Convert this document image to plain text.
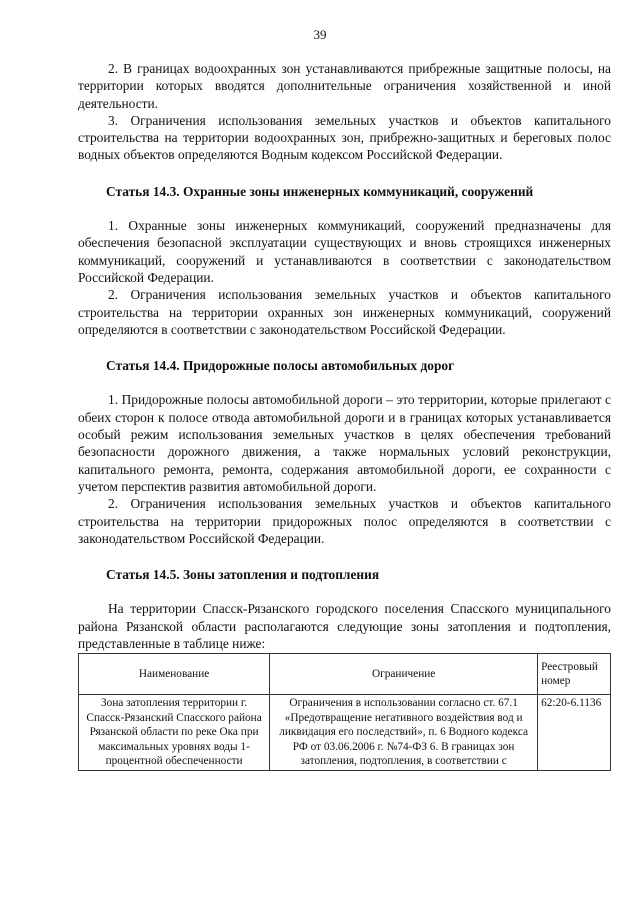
39

2. В границах водоохранных зон устанавливаются прибрежные защитные полосы, на территории которых вводятся дополнительные ограничения хозяйственной и иной деятельности.

3. Ограничения использования земельных участков и объектов капитального строительства на территории водоохранных зон, прибрежно-защитных и береговых полос водных объектов определяются Водным кодексом Российской Федерации.

Статья 14.3. Охранные зоны инженерных коммуникаций, сооружений

1. Охранные зоны инженерных коммуникаций, сооружений предназначены для обеспечения безопасной эксплуатации существующих и вновь строящихся инженерных коммуникаций, сооружений и устанавливаются в соответствии с законодательством Российской Федерации.

2. Ограничения использования земельных участков и объектов капитального строительства на территории охранных зон инженерных коммуникаций, сооружений определяются в соответствии с законодательством Российской Федерации.

Статья 14.4. Придорожные полосы автомобильных дорог

1. Придорожные полосы автомобильной дороги – это территории, которые прилегают с обеих сторон к полосе отвода автомобильной дороги и в границах которых устанавливается особый режим использования земельных участков в целях обеспечения требований безопасности дорожного движения, а также нормальных условий реконструкции, капитального ремонта, ремонта, содержания автомобильной дороги, ее сохранности с учетом перспектив развития автомобильной дороги.

2. Ограничения использования земельных участков и объектов капитального строительства на территории придорожных полос определяются в соответствии с законодательством Российской Федерации.

Статья 14.5. Зоны затопления и подтопления

На территории Спасск-Рязанского городского поселения Спасского муниципального района Рязанской области располагаются следующие зоны затопления и подтопления, представленные в таблице ниже:

Наименование	Ограничение	Реестровый номер
Зона затопления территории г. Спасск-Рязанский Спасского района Рязанской области по реке Ока при максимальных уровнях воды 1-процентной обеспеченности	Ограничения в использовании согласно ст. 67.1 «Предотвращение негативного воздействия вод и ликвидация его последствий», п. 6 Водного кодекса РФ от 03.06.2006 г. №74-ФЗ 6. В границах зон затопления, подтопления, в соответствии с	62:20-6.1136
